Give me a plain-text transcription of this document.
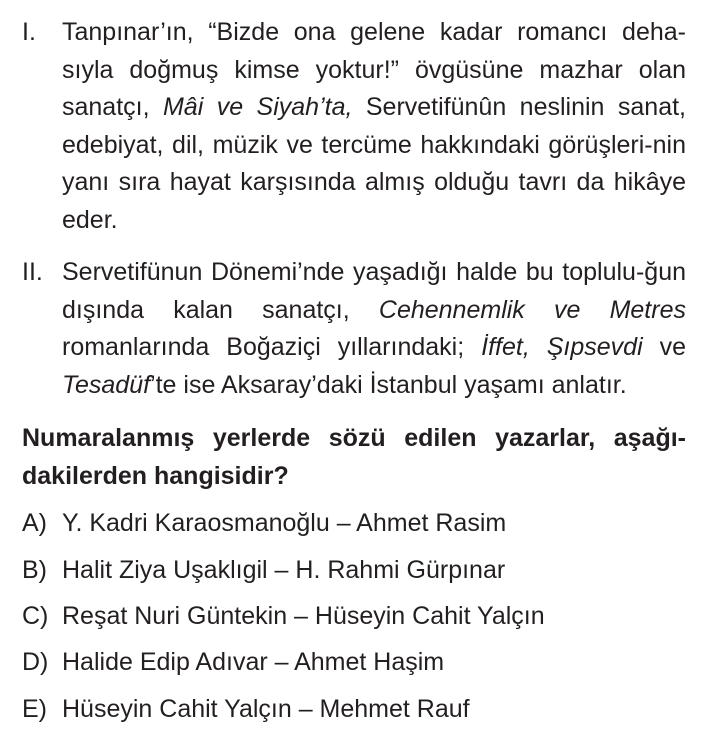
I. Tanpınar’ın, “Bizde ona gelene kadar romancı deha-sıyla doğmuş kimse yoktur!” övgüsüne mazhar olan sanatçı, Mâi ve Siyah’ta, Servetifünûn neslinin sanat, edebiyat, dil, müzik ve tercüme hakkındaki görüşleri-nin yanı sıra hayat karşısında almış olduğu tavrı da hikâye eder.
II. Servetifünun Dönemi’nde yaşadığı halde bu toplulu-ğun dışında kalan sanatçı, Cehennemlik ve Metres romanlarında Boğaziçi yıllarındaki; İffet, Şıpsevdi ve Tesadüf’te ise Aksaray’daki İstanbul yaşamı anlatır.
Numaralanmış yerlerde sözü edilen yazarlar, aşağı-dakilerden hangisidir?
A) Y. Kadri Karaosmanoğlu – Ahmet Rasim
B) Halit Ziya Uşaklıgil – H. Rahmi Gürpınar
C) Reşat Nuri Güntekin – Hüseyin Cahit Yalçın
D) Halide Edip Adıvar – Ahmet Haşim
E) Hüseyin Cahit Yalçın – Mehmet Rauf
